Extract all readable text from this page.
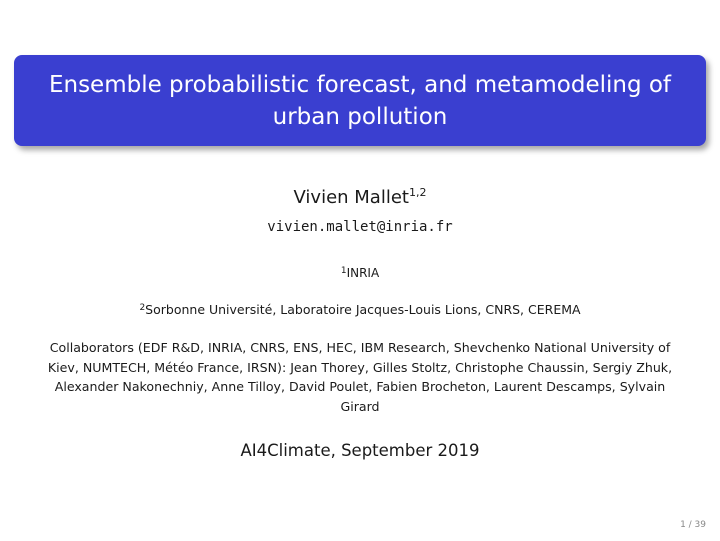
Ensemble probabilistic forecast, and metamodeling of urban pollution
Vivien Mallet$^{1,2}$
vivien.mallet@inria.fr
$^1$INRIA
$^2$Sorbonne Université, Laboratoire Jacques-Louis Lions, CNRS, CEREMA
Collaborators (EDF R&D, INRIA, CNRS, ENS, HEC, IBM Research, Shevchenko National University of Kiev, NUMTECH, Météo France, IRSN): Jean Thorey, Gilles Stoltz, Christophe Chaussin, Sergiy Zhuk, Alexander Nakonechniy, Anne Tilloy, David Poulet, Fabien Brocheton, Laurent Descamps, Sylvain Girard
AI4Climate, September 2019
1 / 39
